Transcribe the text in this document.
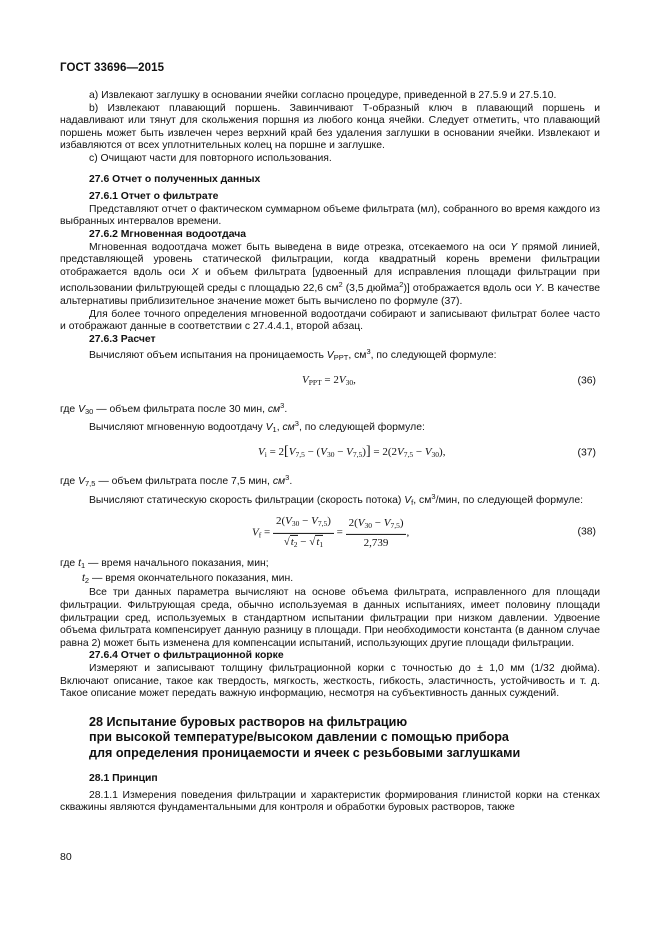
ГОСТ 33696—2015

а) Извлекают заглушку в основании ячейки согласно процедуре, приведенной в 27.5.9 и 27.5.10.

b) Извлекают плавающий поршень. Завинчивают Т-образный ключ в плавающий поршень и надавливают или тянут для скольжения поршня из любого конца ячейки. Следует отметить, что плавающий поршень может быть извлечен через верхний край без удаления заглушки в основании ячейки. Извлекают и избавляются от всех уплотнительных колец на поршне и заглушке.

с) Очищают части для повторного использования.

27.6 Отчет о полученных данных
27.6.1 Отчет о фильтрате

Представляют отчет о фактическом суммарном объеме фильтрата (мл), собранного во время каждого из выбранных интервалов времени.

27.6.2 Мгновенная водоотдача

Мгновенная водоотдача может быть выведена в виде отрезка, отсекаемого на оси Y прямой линией, представляющей уровень статической фильтрации, когда квадратный корень времени фильтрации отображается вдоль оси X и объем фильтрата [удвоенный для исправления площади фильтрации при использовании фильтрующей среды с площадью 22,6 $см^2$ (3,5 дюйма$^2$)] отображается вдоль оси Y. В качестве альтернативы приблизительное значение может быть вычислено по формуле (37).

Для более точного определения мгновенной водоотдачи собирают и записывают фильтрат более часто и отображают данные в соответствии с 27.4.4.1, второй абзац.

27.6.3 Расчет

Вычисляют объем испытания на проницаемость $V_{PPT}$, $см^3$, по следующей формуле:

$V_{PPT} = 2V_{30}$,	(36)

где $V_{30}$ — объем фильтрата после 30 мин, $см^3$.

Вычисляют мгновенную водоотдачу $V_1$, $см^3$, по следующей формуле:

$V_i = 2[V_{7,5} - (V_{30} - V_{7,5})] = 2(2V_{7,5} - V_{30})$,	(37)

где $V_{7,5}$ — объем фильтрата после 7,5 мин, $см^3$.

Вычисляют статическую скорость фильтрации (скорость потока) $V_f$, $см^3$/мин, по следующей формуле:

$V_f = \frac{2(V_{30} - V_{7,5})}{√t_2 - √t_1} = \frac{2(V_{30} - V_{7,5})}{2,739}$ ,	(38)

где $t_1$ — время начального показания, мин;

$t_2$ — время окончательного показания, мин.

Все три данных параметра вычисляют на основе объема фильтрата, исправленного для площади фильтрации. Фильтрующая среда, обычно используемая в данных испытаниях, имеет половину площади фильтрации сред, используемых в стандартном испытании фильтрации при низком давлении. Удвоение объема фильтрата компенсирует данную разницу в площади. При необходимости константа (в данном случае равна 2) может быть изменена для компенсации испытаний, использующих другие площади фильтрации.

27.6.4 Отчет о фильтрационной корке

Измеряют и записывают толщину фильтрационной корки с точностью до ± 1,0 мм (1/32 дюйма). Включают описание, такое как твердость, мягкость, жесткость, гибкость, эластичность, устойчивость и т. д. Такое описание может передать важную информацию, несмотря на субъективность данных суждений.

28 Испытание буровых растворов на фильтрацию
при высокой температуре/высоком давлении с помощью прибора
для определения проницаемости и ячеек с резьбовыми заглушками
28.1 Принцип

28.1.1 Измерения поведения фильтрации и характеристик формирования глинистой корки на стенках скважины являются фундаментальными для контроля и обработки буровых растворов, также

80
